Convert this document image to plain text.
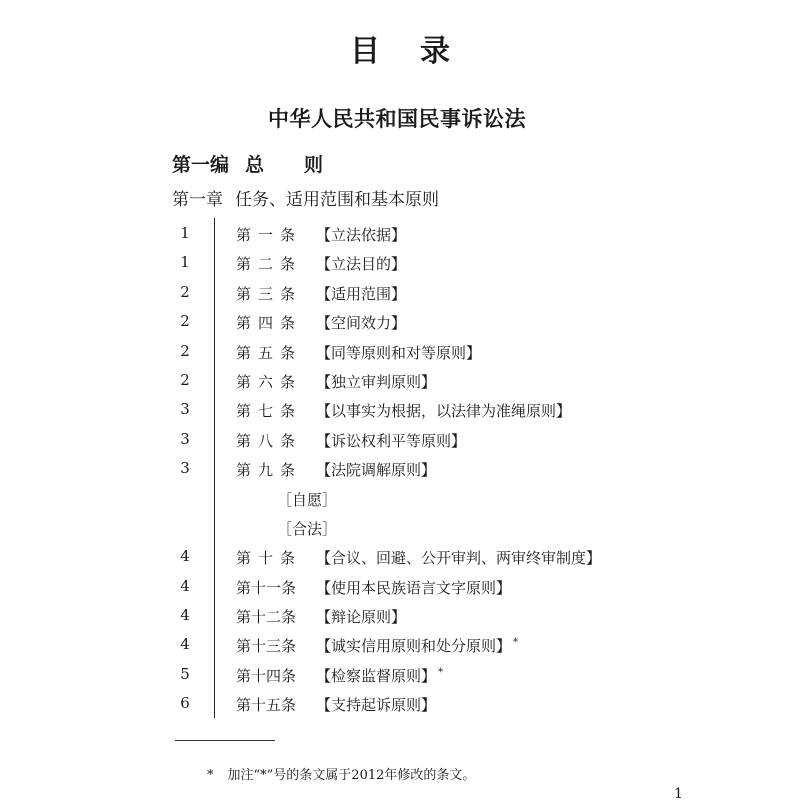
目 录
中华人民共和国民事诉讼法
第一编 总则
第一章 任务、适用范围和基本原则
1	第一条 【立法依据】
1	第二条 【立法目的】
2	第三条 【适用范围】
2	第四条 【空间效力】
2	第五条 【同等原则和对等原则】
2	第六条 【独立审判原则】
3	第七条 【以事实为根据，以法律为准绳原则】
3	第八条 【诉讼权利平等原则】
3	第九条 【法院调解原则】
［自愿］
［合法］
4	第十条 【合议、回避、公开审判、两审终审制度】
4	第十一条	【使用本民族语言文字原则】
4	第十二条	【辩论原则】
4	第十三条	【诚实信用原则和处分原则】 *
5	第十四条	【检察监督原则】 *
6	第十五条	【支持起诉原则】
* 加注“*”号的条文属于2012年修改的条文。
1
